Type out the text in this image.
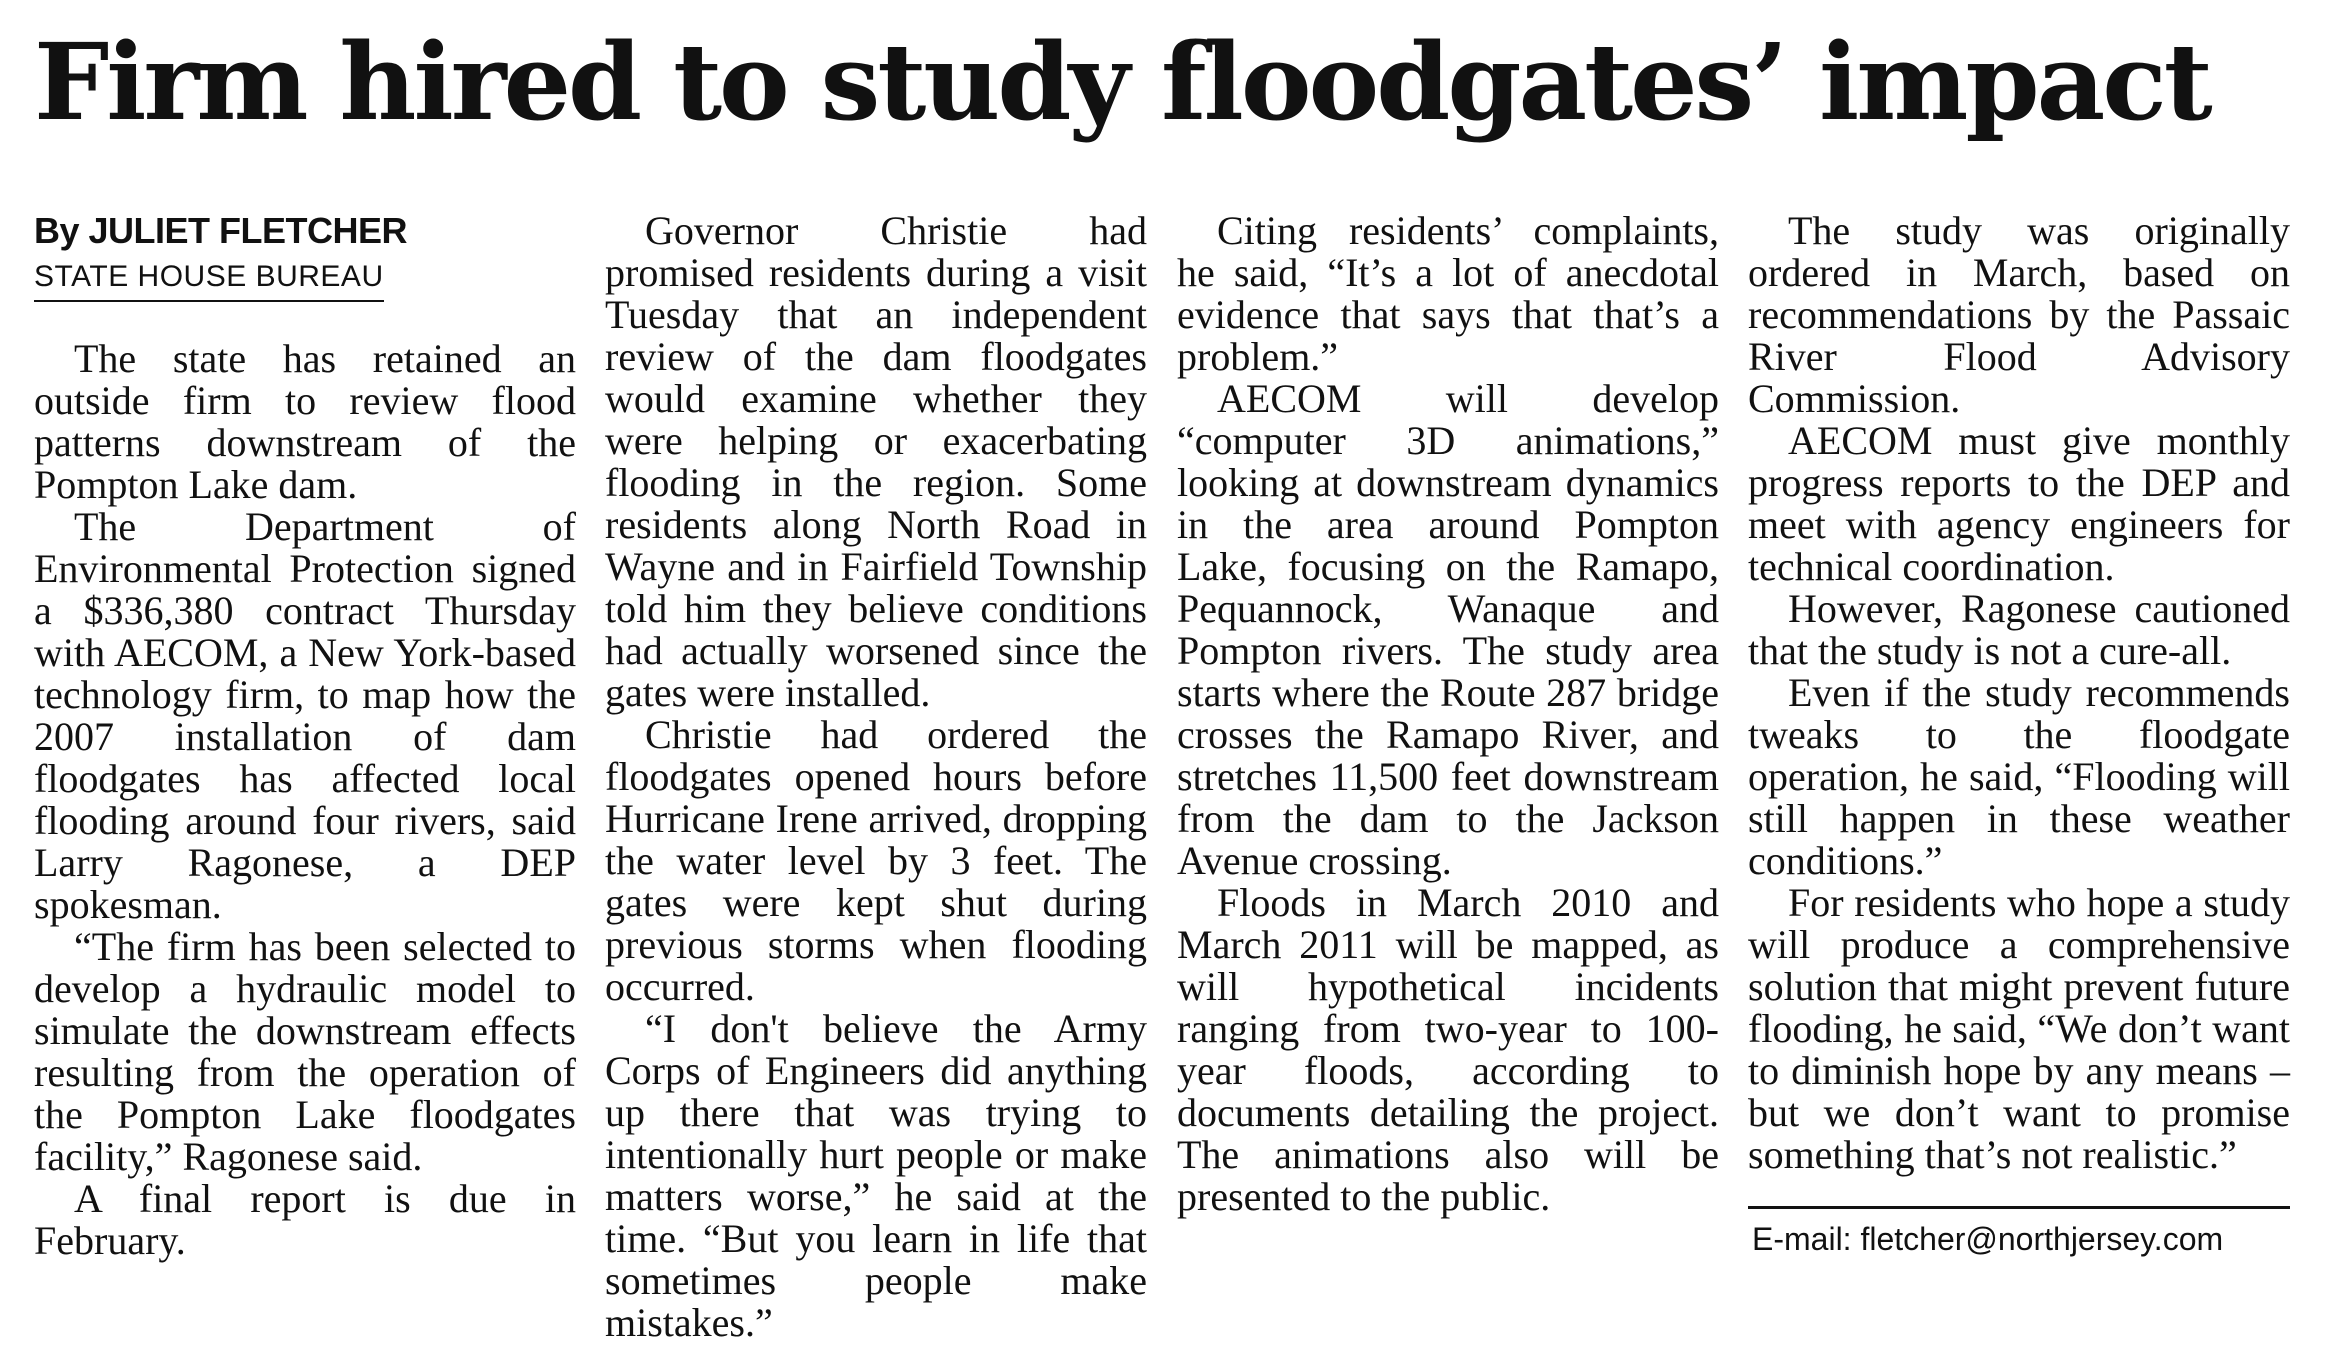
Firm hired to study floodgates’ impact
By JULIET FLETCHER
STATE HOUSE BUREAU

The state has retained an outside firm to review flood patterns downstream of the Pompton Lake dam.

The Department of Environmental Protection signed a $336,380 contract Thursday with AECOM, a New York-based technology firm, to map how the 2007 installation of dam floodgates has affected local flooding around four rivers, said Larry Ragonese, a DEP spokesman.

“The firm has been selected to develop a hydraulic model to simulate the downstream effects resulting from the operation of the Pompton Lake floodgates facility,” Ragonese said.

A final report is due in February.

Governor Christie had promised residents during a visit Tuesday that an independent review of the dam floodgates would examine whether they were helping or exacerbating flooding in the region. Some residents along North Road in Wayne and in Fairfield Township told him they believe conditions had actually worsened since the gates were installed.

Christie had ordered the floodgates opened hours before Hurricane Irene arrived, dropping the water level by 3 feet. The gates were kept shut during previous storms when flooding occurred.

“I don't believe the Army Corps of Engineers did anything up there that was trying to intentionally hurt people or make matters worse,” he said at the time. “But you learn in life that sometimes people make mistakes.”

Citing residents’ complaints, he said, “It’s a lot of anecdotal evidence that says that that’s a problem.”

AECOM will develop “computer 3D animations,” looking at downstream dynamics in the area around Pompton Lake, focusing on the Ramapo, Pequannock, Wanaque and Pompton rivers. The study area starts where the Route 287 bridge crosses the Ramapo River, and stretches 11,500 feet downstream from the dam to the Jackson Avenue crossing.

Floods in March 2010 and March 2011 will be mapped, as will hypothetical incidents ranging from two-year to 100-year floods, according to documents detailing the project. The animations also will be presented to the public.

The study was originally ordered in March, based on recommendations by the Passaic River Flood Advisory Commission.

AECOM must give monthly progress reports to the DEP and meet with agency engineers for technical coordination.

However, Ragonese cautioned that the study is not a cure-all.

Even if the study recommends tweaks to the floodgate operation, he said, “Flooding will still happen in these weather conditions.”

For residents who hope a study will produce a comprehensive solution that might prevent future flooding, he said, “We don’t want to diminish hope by any means – but we don’t want to promise something that’s not realistic.”

E-mail: fletcher@northjersey.com
